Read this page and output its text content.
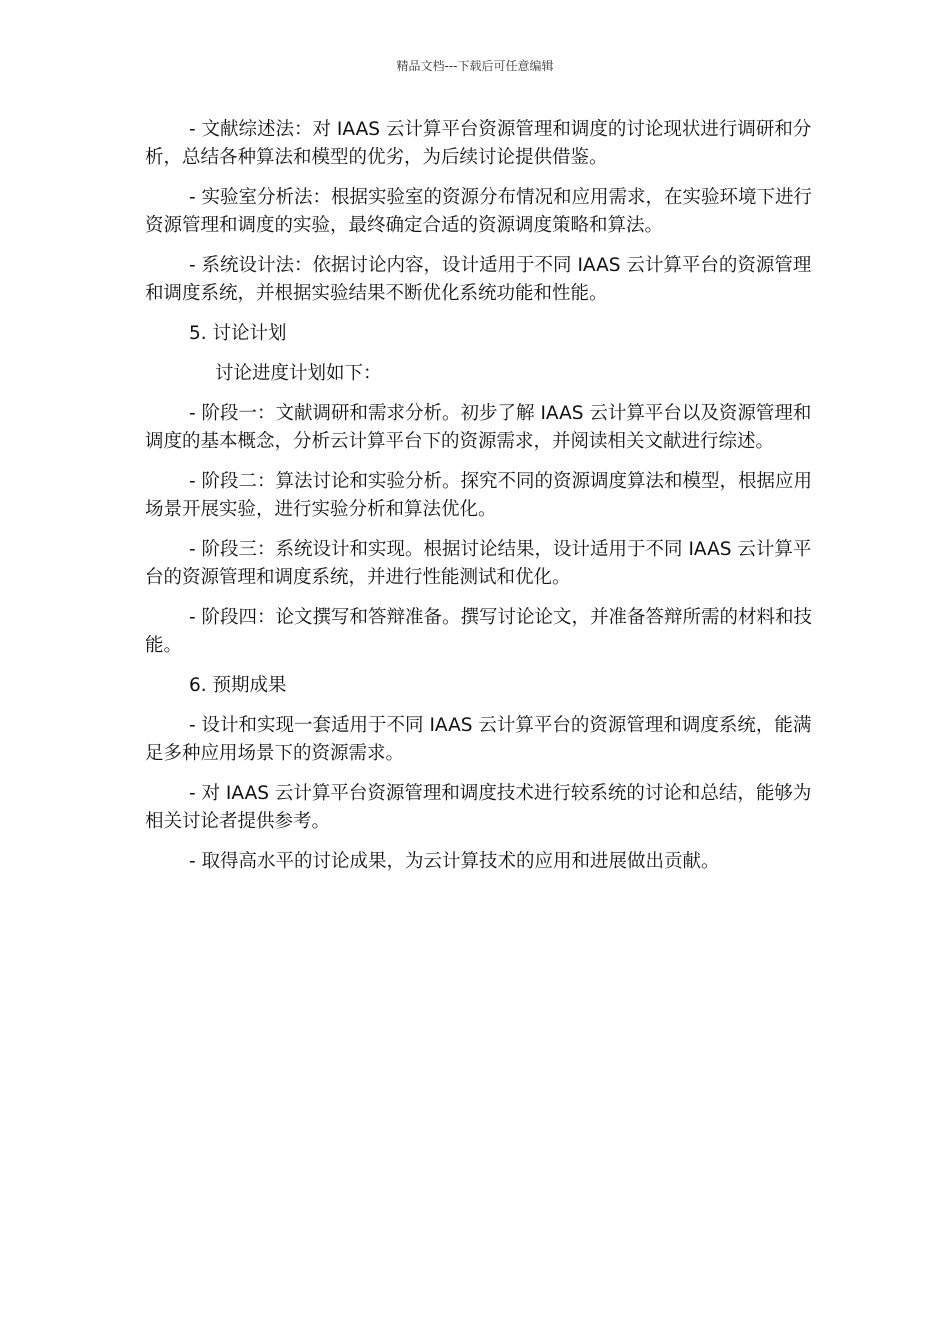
精品文档---下载后可任意编辑

- 文献综述法：对 IAAS 云计算平台资源管理和调度的讨论现状进行调研和分析，总结各种算法和模型的优劣，为后续讨论提供借鉴。

- 实验室分析法：根据实验室的资源分布情况和应用需求，在实验环境下进行资源管理和调度的实验，最终确定合适的资源调度策略和算法。

- 系统设计法：依据讨论内容，设计适用于不同 IAAS 云计算平台的资源管理和调度系统，并根据实验结果不断优化系统功能和性能。

5. 讨论计划

讨论进度计划如下：

- 阶段一：文献调研和需求分析。初步了解 IAAS 云计算平台以及资源管理和调度的基本概念，分析云计算平台下的资源需求，并阅读相关文献进行综述。

- 阶段二：算法讨论和实验分析。探究不同的资源调度算法和模型，根据应用场景开展实验，进行实验分析和算法优化。

- 阶段三：系统设计和实现。根据讨论结果，设计适用于不同 IAAS 云计算平台的资源管理和调度系统，并进行性能测试和优化。

- 阶段四：论文撰写和答辩准备。撰写讨论论文，并准备答辩所需的材料和技能。

6. 预期成果

- 设计和实现一套适用于不同 IAAS 云计算平台的资源管理和调度系统，能满足多种应用场景下的资源需求。

- 对 IAAS 云计算平台资源管理和调度技术进行较系统的讨论和总结，能够为相关讨论者提供参考。

- 取得高水平的讨论成果，为云计算技术的应用和进展做出贡献。
